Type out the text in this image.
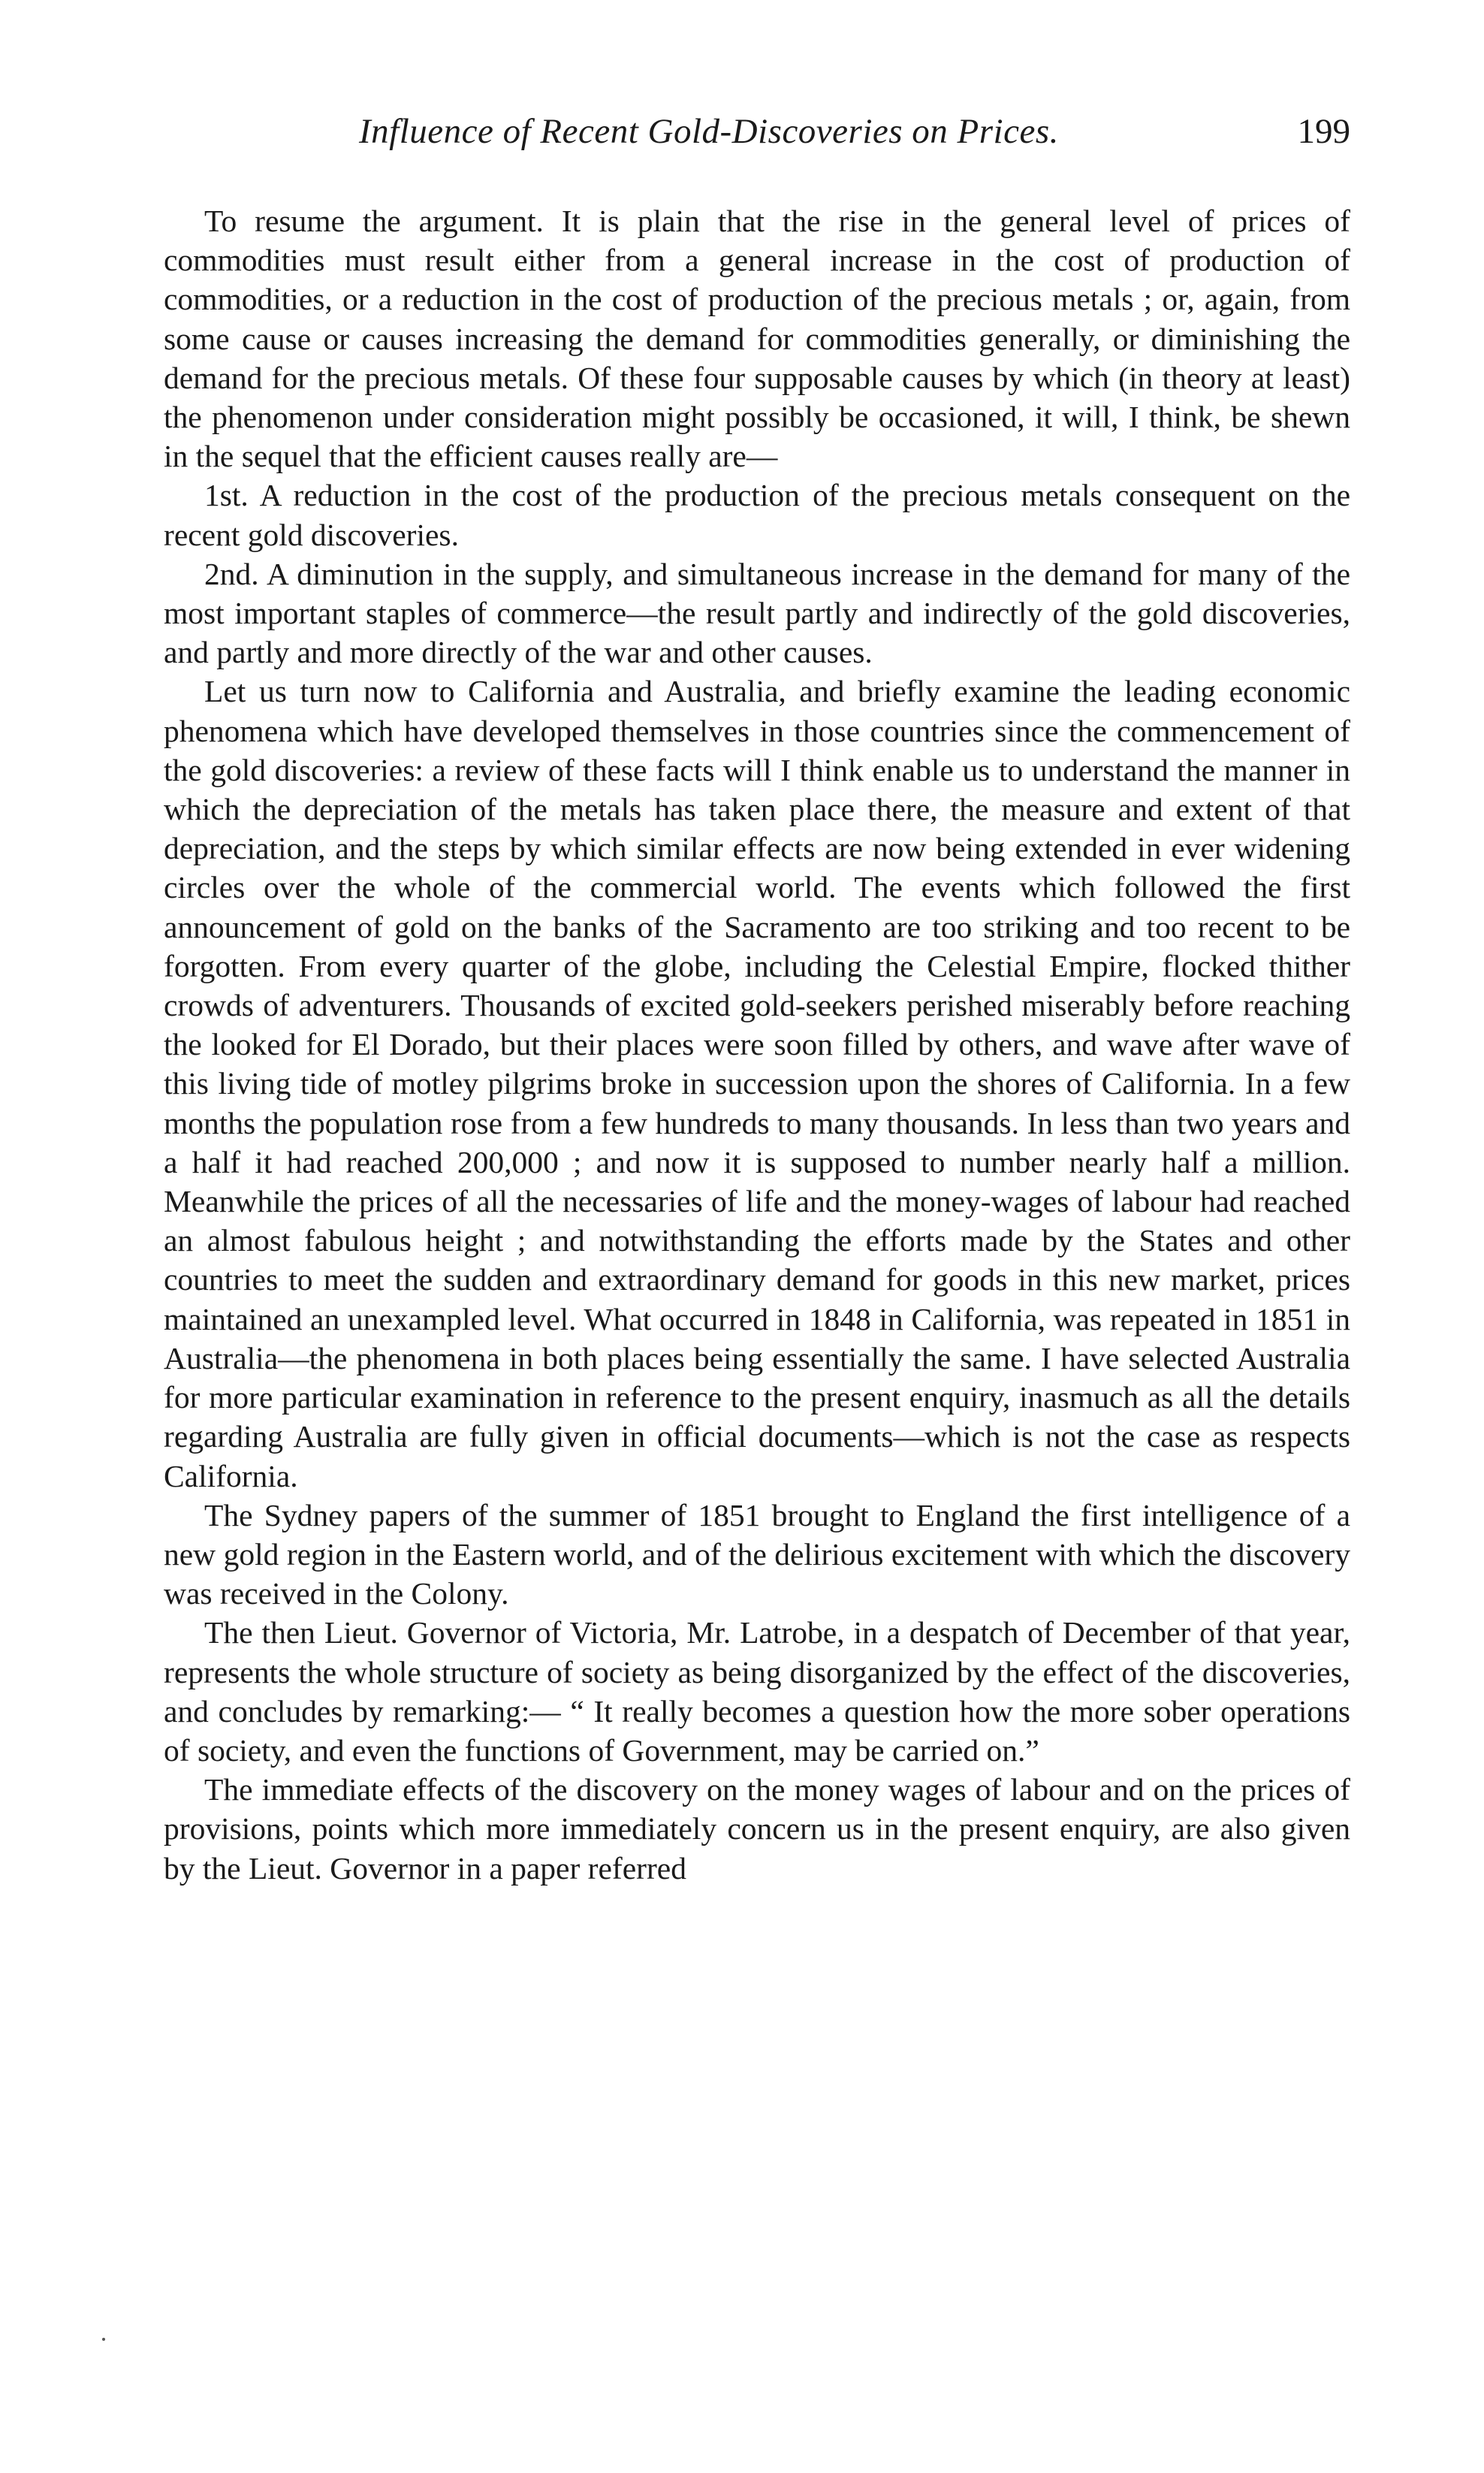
Influence of Recent Gold-Discoveries on Prices.	199

To resume the argument. It is plain that the rise in the general level of prices of commodities must result either from a general increase in the cost of production of commodities, or a reduction in the cost of production of the precious metals ; or, again, from some cause or causes increasing the demand for commodities generally, or diminishing the demand for the precious metals. Of these four supposable causes by which (in theory at least) the phenomenon under consideration might possibly be occasioned, it will, I think, be shewn in the sequel that the efficient causes really are—

1st. A reduction in the cost of the production of the precious metals consequent on the recent gold discoveries.

2nd. A diminution in the supply, and simultaneous increase in the demand for many of the most important staples of commerce—the result partly and indirectly of the gold discoveries, and partly and more directly of the war and other causes.

Let us turn now to California and Australia, and briefly examine the leading economic phenomena which have developed themselves in those countries since the commencement of the gold discoveries: a review of these facts will I think enable us to understand the manner in which the depreciation of the metals has taken place there, the measure and extent of that depreciation, and the steps by which similar effects are now being extended in ever widening circles over the whole of the commercial world. The events which followed the first announcement of gold on the banks of the Sacramento are too striking and too recent to be forgotten. From every quarter of the globe, including the Celestial Empire, flocked thither crowds of adventurers. Thousands of excited gold-seekers perished miserably before reaching the looked for El Dorado, but their places were soon filled by others, and wave after wave of this living tide of motley pilgrims broke in succession upon the shores of California. In a few months the population rose from a few hundreds to many thousands. In less than two years and a half it had reached 200,000 ; and now it is supposed to number nearly half a million. Meanwhile the prices of all the necessaries of life and the money-wages of labour had reached an almost fabulous height ; and notwithstanding the efforts made by the States and other countries to meet the sudden and extraordinary demand for goods in this new market, prices maintained an unexampled level. What occurred in 1848 in California, was repeated in 1851 in Australia—the phenomena in both places being essentially the same. I have selected Australia for more particular examination in reference to the present enquiry, inasmuch as all the details regarding Australia are fully given in official documents—which is not the case as respects California.

The Sydney papers of the summer of 1851 brought to England the first intelligence of a new gold region in the Eastern world, and of the delirious excitement with which the discovery was received in the Colony.

The then Lieut. Governor of Victoria, Mr. Latrobe, in a despatch of December of that year, represents the whole structure of society as being disorganized by the effect of the discoveries, and concludes by remarking:— “ It really becomes a question how the more sober operations of society, and even the functions of Government, may be carried on.”

The immediate effects of the discovery on the money wages of labour and on the prices of provisions, points which more immediately concern us in the present enquiry, are also given by the Lieut. Governor in a paper referred
